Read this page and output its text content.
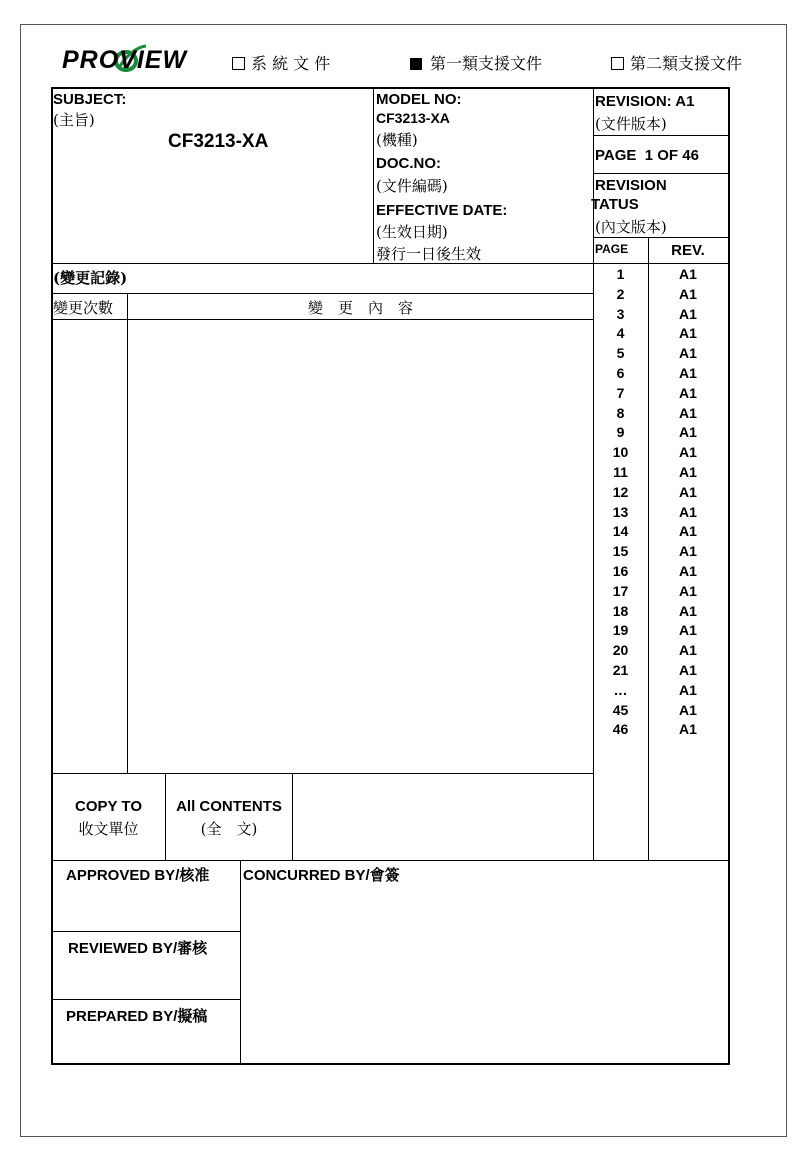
PROVIEW	系 統 文 件	第一類支援文件	第二類支援文件
SUBJECT:
(主旨)
CF3213-XA
MODEL NO:
CF3213-XA
(機種)
DOC.NO:
(文件編碼)
EFFECTIVE DATE:
(生效日期)
發行一日後生效
REVISION: A1
(文件版本)
PAGE  1 OF 46
REVISION
TATUS
(內文版本)
PAGE	REV.
(變更記錄)
變更次數	變　更　內　容
COPY TO
收文單位
All CONTENTS
(全　文)
APPROVED BY/核准 CONCURRED BY/會簽
REVIEWED BY/審核
PREPARED BY/擬稿
1	A1
2	A1
3	A1
4	A1
5	A1
6	A1
7	A1
8	A1
9	A1
10	A1
11	A1
12	A1
13	A1
14	A1
15	A1
16	A1
17	A1
18	A1
19	A1
20	A1
21	A1
…	A1
45	A1
46	A1
